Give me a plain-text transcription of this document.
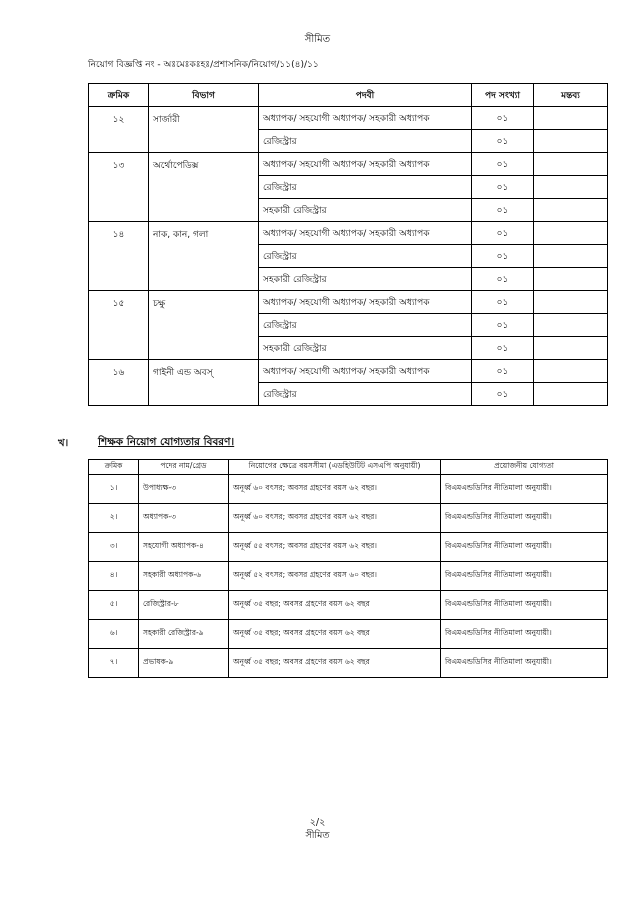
সীমিত
নিয়োগ বিজ্ঞপ্তি নং - অঃমেঃকঃহঃ/প্রশাসনিক/নিয়োগ/১১(৪)/১১
ক্রমিক	বিভাগ	পদবী	পদ সংখ্যা	মন্তব্য
১২	সার্জারী	অধ্যাপক/ সহযোগী অধ্যাপক/ সহকারী অধ্যাপক	০১	
		রেজিস্ট্রার	০১	
১৩	অর্থোপেডিক্স	অধ্যাপক/ সহযোগী অধ্যাপক/ সহকারী অধ্যাপক	০১	
		রেজিস্ট্রার	০১	
		সহকারী রেজিস্ট্রার	০১	
১৪	নাক, কান, গলা	অধ্যাপক/ সহযোগী অধ্যাপক/ সহকারী অধ্যাপক	০১	
		রেজিস্ট্রার	০১	
		সহকারী রেজিস্ট্রার	০১	
১৫	চক্ষু	অধ্যাপক/ সহযোগী অধ্যাপক/ সহকারী অধ্যাপক	০১	
		রেজিস্ট্রার	০১	
		সহকারী রেজিস্ট্রার	০১	
১৬	গাইনী এন্ড অবস্	অধ্যাপক/ সহযোগী অধ্যাপক/ সহকারী অধ্যাপক	০১	
		রেজিস্ট্রার	০১	
খ।	শিক্ষক নিয়োগ যোগ্যতার বিবরণ।
ক্রমিক	পদের নাম/গ্রেড	নিয়োগের ক্ষেত্রে বয়সসীমা (এডহিউটিট এসএপি অনুযায়ী)	প্রয়োজনীয় যোগ্যতা
১।	উপাধ্যক্ষ-৩	অনূর্ধ্ব ৬০ বৎসর; অবসর গ্রহণের বয়স ৬২ বছর।	বিএমএন্ডডিসির নীতিমালা অনুযায়ী।
২।	অধ্যাপক-৩	অনূর্ধ্ব ৬০ বৎসর; অবসর গ্রহণের বয়স ৬২ বছর।	বিএমএন্ডডিসির নীতিমালা অনুযায়ী।
৩।	সহযোগী অধ্যাপক-৪	অনূর্ধ্ব ৫৫ বৎসর; অবসর গ্রহণের বয়স ৬২ বছর।	বিএমএন্ডডিসির নীতিমালা অনুযায়ী।
৪।	সহকারী অধ্যাপক-৬	অনূর্ধ্ব ৫২ বৎসর; অবসর গ্রহণের বয়স ৬০ বছর।	বিএমএন্ডডিসির নীতিমালা অনুযায়ী।
৫।	রেজিস্ট্রার-৮	অনূর্ধ্ব ৩৫ বছর; অবসর গ্রহণের বয়স ৬২ বছর	বিএমএন্ডডিসির নীতিমালা অনুযায়ী।
৬।	সহকারী রেজিস্ট্রার-৯	অনূর্ধ্ব ৩৫ বছর; অবসর গ্রহণের বয়স ৬২ বছর	বিএমএন্ডডিসির নীতিমালা অনুযায়ী।
৭।	প্রভাষক-৯	অনূর্ধ্ব ৩৫ বছর; অবসর গ্রহণের বয়স ৬২ বছর	বিএমএন্ডডিসির নীতিমালা অনুযায়ী।
২/২
সীমিত
